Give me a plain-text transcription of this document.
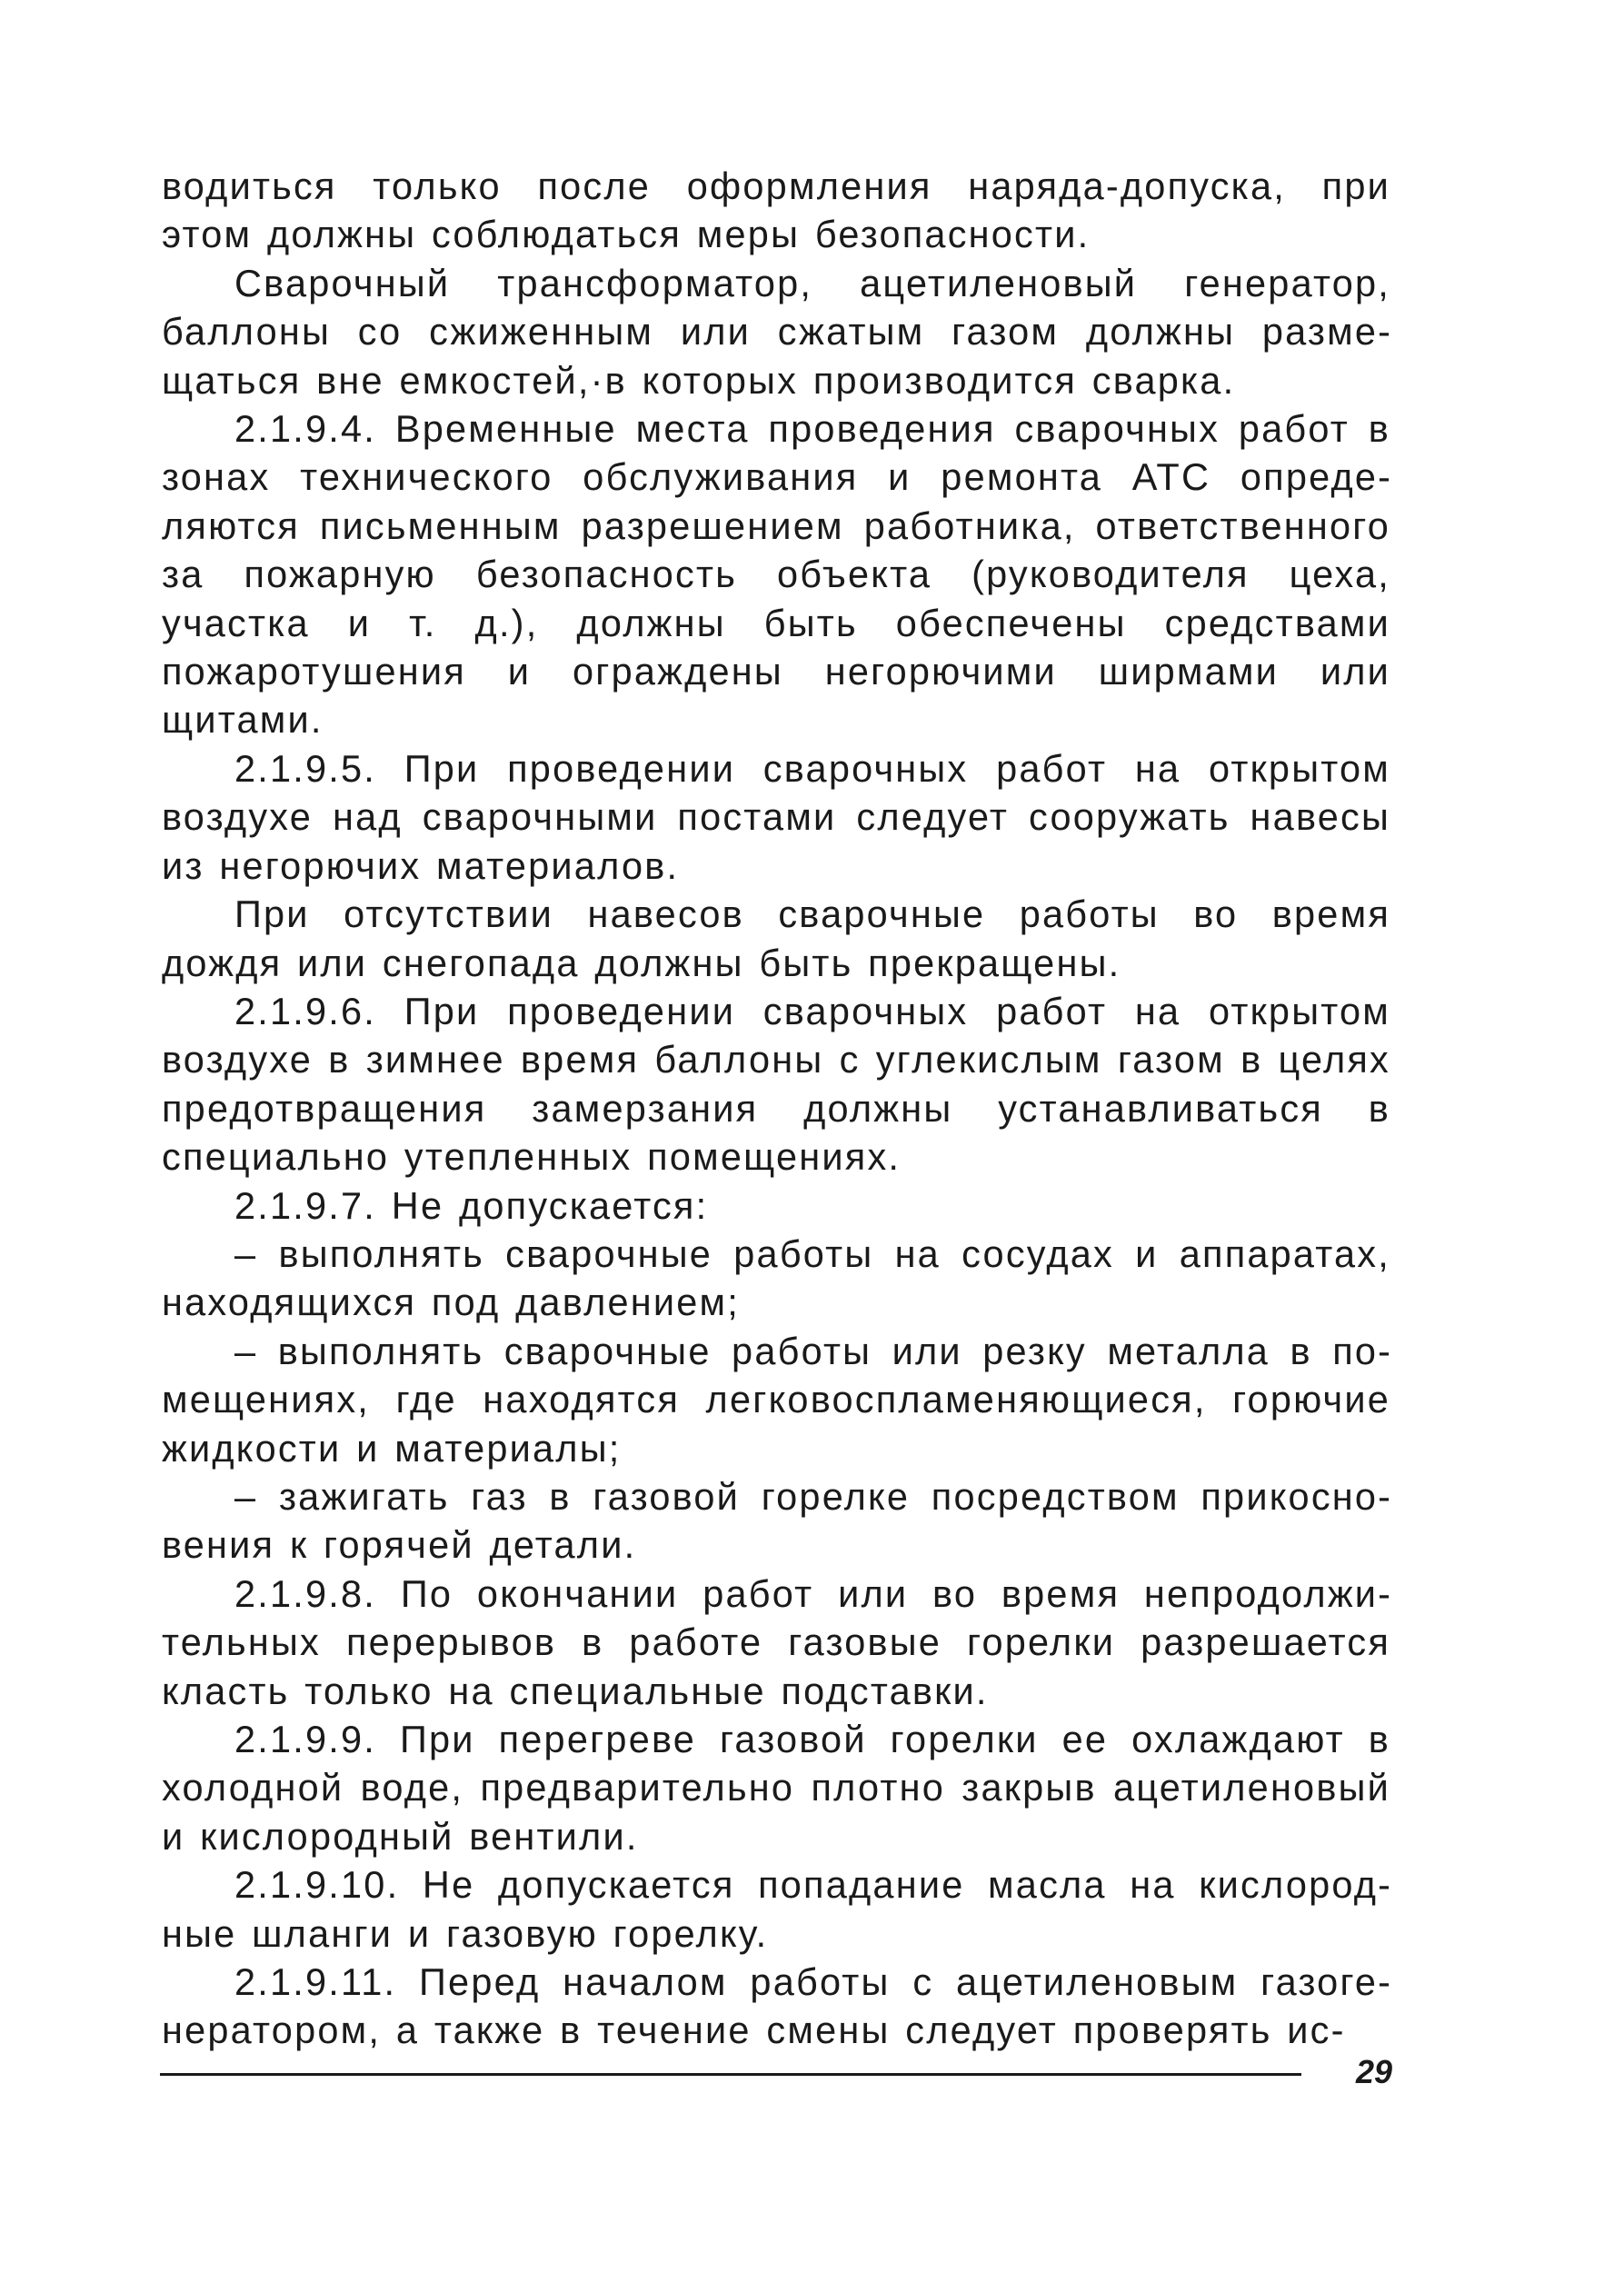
водиться только после оформления наряда-допуска, при этом должны соблюдаться меры безопасности.

Сварочный трансформатор, ацетиленовый генератор, баллоны со сжиженным или сжатым газом должны размещаться вне емкостей,·в которых производится сварка.

2.1.9.4. Временные места проведения сварочных работ в зонах технического обслуживания и ремонта АТС определяются письменным разрешением работника, ответственного за пожарную безопасность объекта (руководителя цеха, участка и т. д.), должны быть обеспечены средствами пожаротушения и ограждены негорючими ширмами или щитами.

2.1.9.5. При проведении сварочных работ на открытом воздухе над сварочными постами следует сооружать навесы из негорючих материалов.

При отсутствии навесов сварочные работы во время дождя или снегопада должны быть прекращены.

2.1.9.6. При проведении сварочных работ на открытом воздухе в зимнее время баллоны с углекислым газом в целях предотвращения замерзания должны устанавливаться в специально утепленных помещениях.

2.1.9.7. Не допускается:

– выполнять сварочные работы на сосудах и аппаратах, находящихся под давлением;

– выполнять сварочные работы или резку металла в помещениях, где находятся легковоспламеняющиеся, горючие жидкости и материалы;

– зажигать газ в газовой горелке посредством прикосновения к горячей детали.

2.1.9.8. По окончании работ или во время непродолжительных перерывов в работе газовые горелки разрешается класть только на специальные подставки.

2.1.9.9. При перегреве газовой горелки ее охлаждают в холодной воде, предварительно плотно закрыв ацетиленовый и кислородный вентили.

2.1.9.10. Не допускается попадание масла на кислородные шланги и газовую горелку.

2.1.9.11. Перед началом работы с ацетиленовым газогенератором, а также в течение смены следует проверять ис-

29
